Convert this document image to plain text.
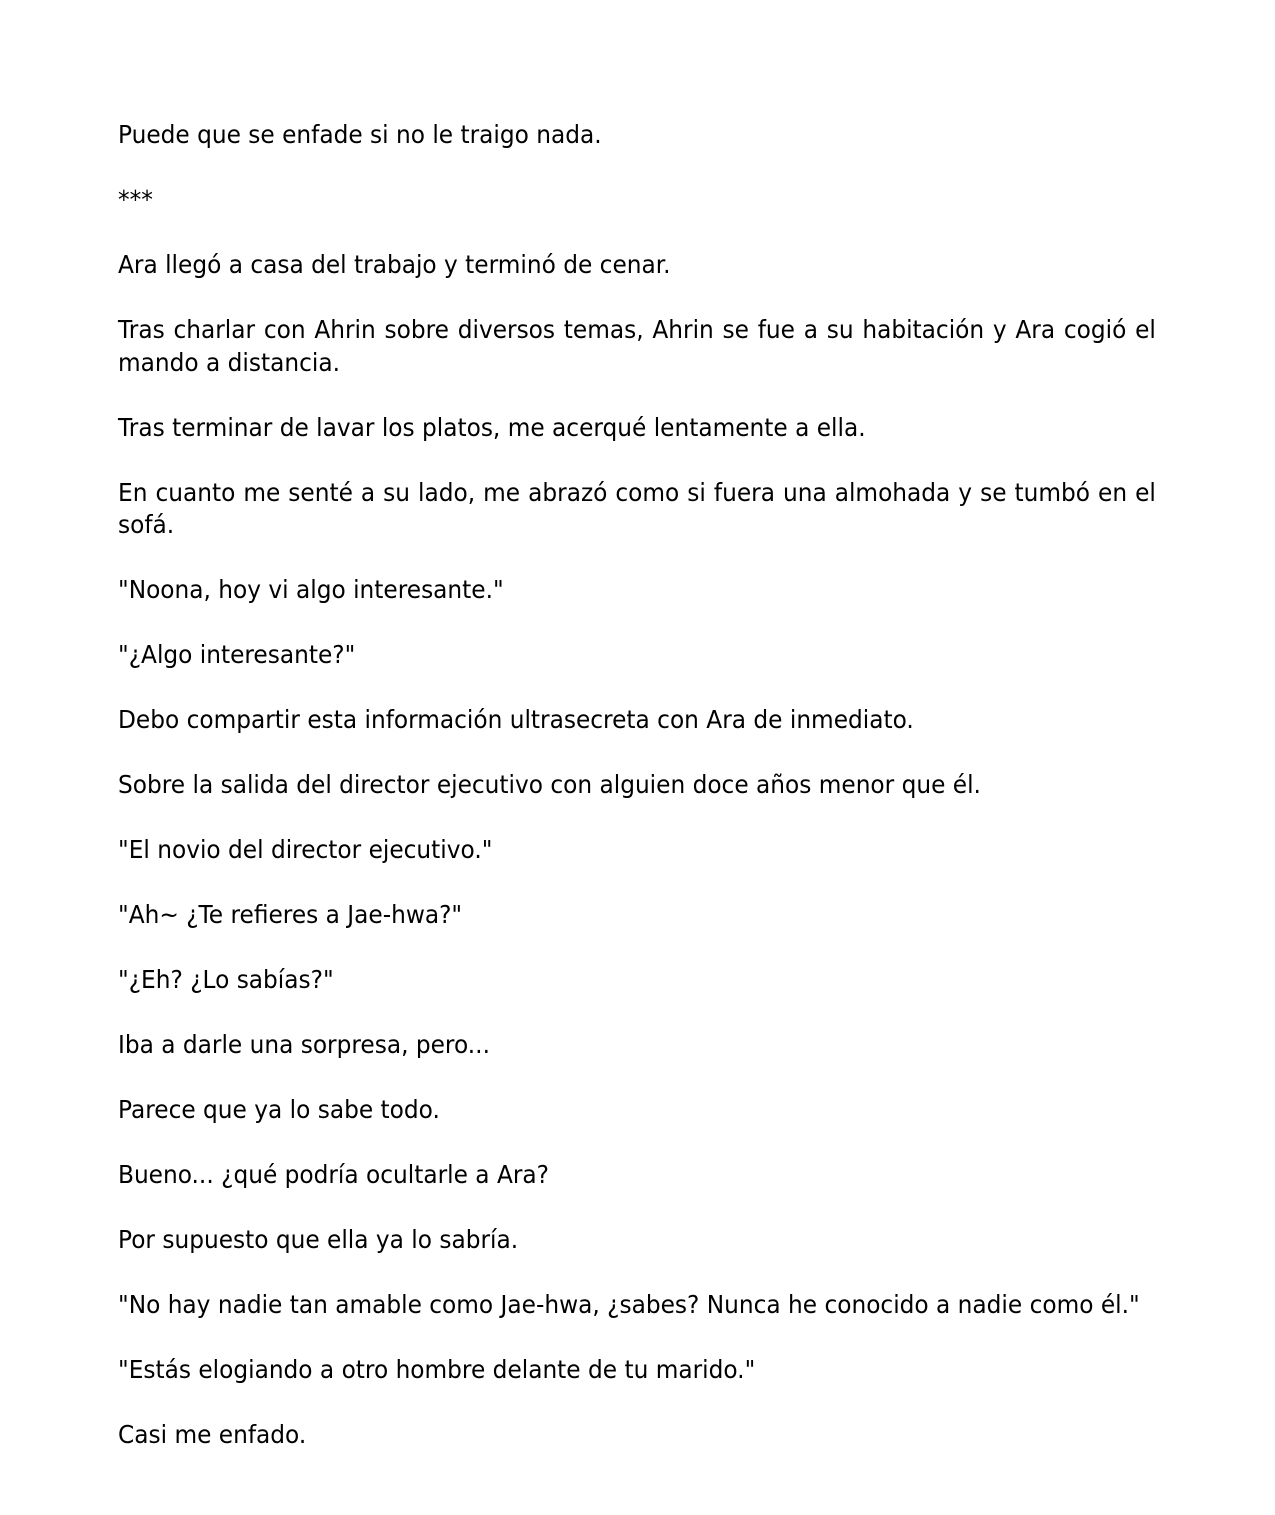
Puede que se enfade si no le traigo nada.

***

Ara llegó a casa del trabajo y terminó de cenar.

Tras charlar con Ahrin sobre diversos temas, Ahrin se fue a su habitación y Ara cogió el mando a distancia.

Tras terminar de lavar los platos, me acerqué lentamente a ella.

En cuanto me senté a su lado, me abrazó como si fuera una almohada y se tumbó en el sofá.

"Noona, hoy vi algo interesante."

"¿Algo interesante?"

Debo compartir esta información ultrasecreta con Ara de inmediato.

Sobre la salida del director ejecutivo con alguien doce años menor que él.

"El novio del director ejecutivo."

"Ah~ ¿Te refieres a Jae-hwa?"

"¿Eh? ¿Lo sabías?"

Iba a darle una sorpresa, pero...

Parece que ya lo sabe todo.

Bueno... ¿qué podría ocultarle a Ara?

Por supuesto que ella ya lo sabría.

"No hay nadie tan amable como Jae-hwa, ¿sabes? Nunca he conocido a nadie como él."

"Estás elogiando a otro hombre delante de tu marido."

Casi me enfado.
